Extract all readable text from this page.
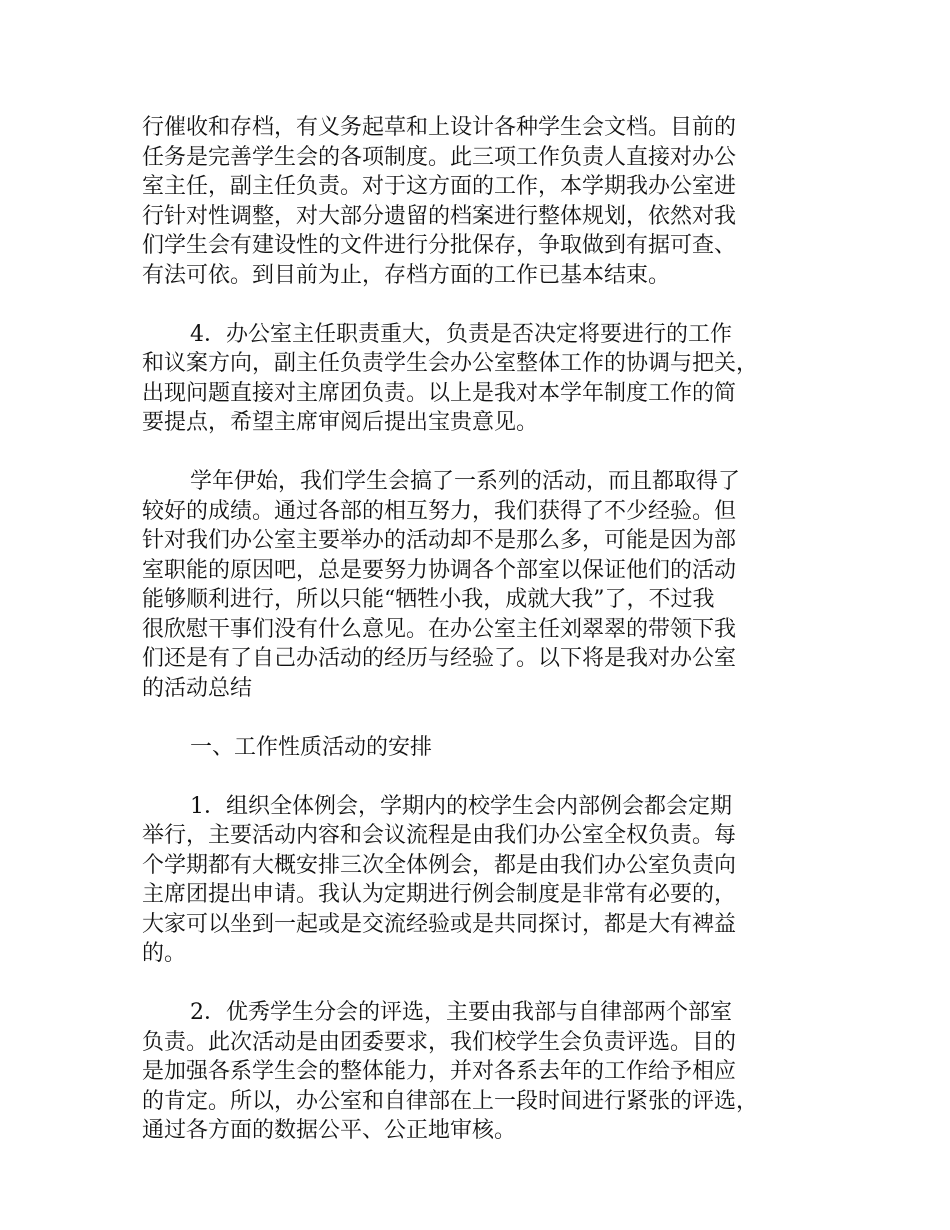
行催收和存档，有义务起草和上设计各种学生会文档。目前的
任务是完善学生会的各项制度。此三项工作负责人直接对办公
室主任，副主任负责。对于这方面的工作，本学期我办公室进
行针对性调整，对大部分遗留的档案进行整体规划，依然对我
们学生会有建设性的文件进行分批保存，争取做到有据可查、
有法可依。到目前为止，存档方面的工作已基本结束。
4．办公室主任职责重大，负责是否决定将要进行的工作
和议案方向，副主任负责学生会办公室整体工作的协调与把关，
出现问题直接对主席团负责。以上是我对本学年制度工作的简
要提点，希望主席审阅后提出宝贵意见。
学年伊始，我们学生会搞了一系列的活动，而且都取得了
较好的成绩。通过各部的相互努力，我们获得了不少经验。但
针对我们办公室主要举办的活动却不是那么多，可能是因为部
室职能的原因吧，总是要努力协调各个部室以保证他们的活动
能够顺利进行，所以只能“牺牲小我，成就大我”了，不过我
很欣慰干事们没有什么意见。在办公室主任刘翠翠的带领下我
们还是有了自己办活动的经历与经验了。以下将是我对办公室
的活动总结
一、工作性质活动的安排
1．组织全体例会，学期内的校学生会内部例会都会定期
举行，主要活动内容和会议流程是由我们办公室全权负责。每
个学期都有大概安排三次全体例会，都是由我们办公室负责向
主席团提出申请。我认为定期进行例会制度是非常有必要的，
大家可以坐到一起或是交流经验或是共同探讨，都是大有裨益
的。
2．优秀学生分会的评选，主要由我部与自律部两个部室
负责。此次活动是由团委要求，我们校学生会负责评选。目的
是加强各系学生会的整体能力，并对各系去年的工作给予相应
的肯定。所以，办公室和自律部在上一段时间进行紧张的评选，
通过各方面的数据公平、公正地审核。
